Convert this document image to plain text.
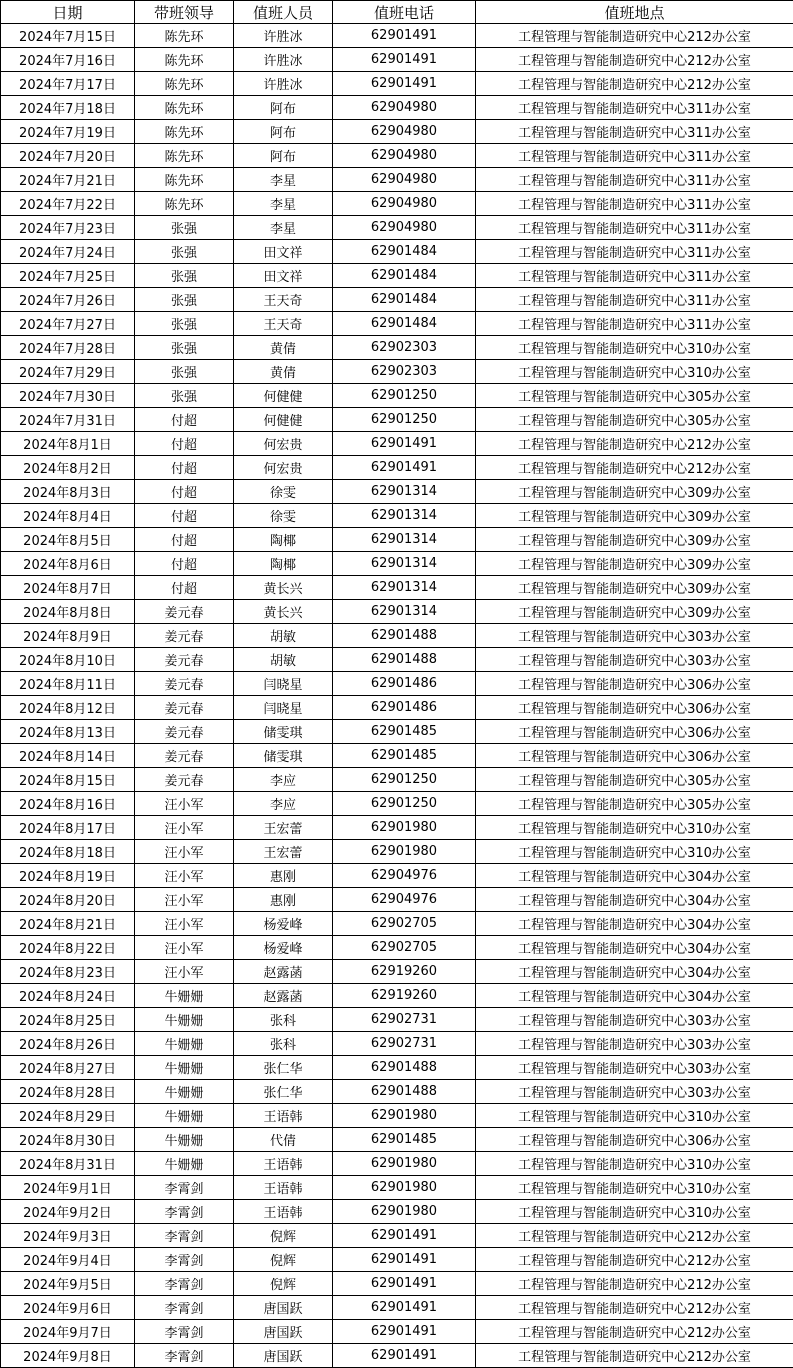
日期	带班领导	值班人员	值班电话	值班地点
2024年7月15日	陈先环	许胜冰	62901491	工程管理与智能制造研究中心212办公室
2024年7月16日	陈先环	许胜冰	62901491	工程管理与智能制造研究中心212办公室
2024年7月17日	陈先环	许胜冰	62901491	工程管理与智能制造研究中心212办公室
2024年7月18日	陈先环	阿布	62904980	工程管理与智能制造研究中心311办公室
2024年7月19日	陈先环	阿布	62904980	工程管理与智能制造研究中心311办公室
2024年7月20日	陈先环	阿布	62904980	工程管理与智能制造研究中心311办公室
2024年7月21日	陈先环	李星	62904980	工程管理与智能制造研究中心311办公室
2024年7月22日	陈先环	李星	62904980	工程管理与智能制造研究中心311办公室
2024年7月23日	张强	李星	62904980	工程管理与智能制造研究中心311办公室
2024年7月24日	张强	田文祥	62901484	工程管理与智能制造研究中心311办公室
2024年7月25日	张强	田文祥	62901484	工程管理与智能制造研究中心311办公室
2024年7月26日	张强	王天奇	62901484	工程管理与智能制造研究中心311办公室
2024年7月27日	张强	王天奇	62901484	工程管理与智能制造研究中心311办公室
2024年7月28日	张强	黄倩	62902303	工程管理与智能制造研究中心310办公室
2024年7月29日	张强	黄倩	62902303	工程管理与智能制造研究中心310办公室
2024年7月30日	张强	何健健	62901250	工程管理与智能制造研究中心305办公室
2024年7月31日	付超	何健健	62901250	工程管理与智能制造研究中心305办公室
2024年8月1日	付超	何宏贵	62901491	工程管理与智能制造研究中心212办公室
2024年8月2日	付超	何宏贵	62901491	工程管理与智能制造研究中心212办公室
2024年8月3日	付超	徐雯	62901314	工程管理与智能制造研究中心309办公室
2024年8月4日	付超	徐雯	62901314	工程管理与智能制造研究中心309办公室
2024年8月5日	付超	陶椰	62901314	工程管理与智能制造研究中心309办公室
2024年8月6日	付超	陶椰	62901314	工程管理与智能制造研究中心309办公室
2024年8月7日	付超	黄长兴	62901314	工程管理与智能制造研究中心309办公室
2024年8月8日	姜元春	黄长兴	62901314	工程管理与智能制造研究中心309办公室
2024年8月9日	姜元春	胡敏	62901488	工程管理与智能制造研究中心303办公室
2024年8月10日	姜元春	胡敏	62901488	工程管理与智能制造研究中心303办公室
2024年8月11日	姜元春	闫晓星	62901486	工程管理与智能制造研究中心306办公室
2024年8月12日	姜元春	闫晓星	62901486	工程管理与智能制造研究中心306办公室
2024年8月13日	姜元春	储雯琪	62901485	工程管理与智能制造研究中心306办公室
2024年8月14日	姜元春	储雯琪	62901485	工程管理与智能制造研究中心306办公室
2024年8月15日	姜元春	李应	62901250	工程管理与智能制造研究中心305办公室
2024年8月16日	汪小军	李应	62901250	工程管理与智能制造研究中心305办公室
2024年8月17日	汪小军	王宏蕾	62901980	工程管理与智能制造研究中心310办公室
2024年8月18日	汪小军	王宏蕾	62901980	工程管理与智能制造研究中心310办公室
2024年8月19日	汪小军	惠刚	62904976	工程管理与智能制造研究中心304办公室
2024年8月20日	汪小军	惠刚	62904976	工程管理与智能制造研究中心304办公室
2024年8月21日	汪小军	杨爱峰	62902705	工程管理与智能制造研究中心304办公室
2024年8月22日	汪小军	杨爱峰	62902705	工程管理与智能制造研究中心304办公室
2024年8月23日	汪小军	赵露菡	62919260	工程管理与智能制造研究中心304办公室
2024年8月24日	牛姗姗	赵露菡	62919260	工程管理与智能制造研究中心304办公室
2024年8月25日	牛姗姗	张科	62902731	工程管理与智能制造研究中心303办公室
2024年8月26日	牛姗姗	张科	62902731	工程管理与智能制造研究中心303办公室
2024年8月27日	牛姗姗	张仁华	62901488	工程管理与智能制造研究中心303办公室
2024年8月28日	牛姗姗	张仁华	62901488	工程管理与智能制造研究中心303办公室
2024年8月29日	牛姗姗	王语韩	62901980	工程管理与智能制造研究中心310办公室
2024年8月30日	牛姗姗	代倩	62901485	工程管理与智能制造研究中心306办公室
2024年8月31日	牛姗姗	王语韩	62901980	工程管理与智能制造研究中心310办公室
2024年9月1日	李霄剑	王语韩	62901980	工程管理与智能制造研究中心310办公室
2024年9月2日	李霄剑	王语韩	62901980	工程管理与智能制造研究中心310办公室
2024年9月3日	李霄剑	倪辉	62901491	工程管理与智能制造研究中心212办公室
2024年9月4日	李霄剑	倪辉	62901491	工程管理与智能制造研究中心212办公室
2024年9月5日	李霄剑	倪辉	62901491	工程管理与智能制造研究中心212办公室
2024年9月6日	李霄剑	唐国跃	62901491	工程管理与智能制造研究中心212办公室
2024年9月7日	李霄剑	唐国跃	62901491	工程管理与智能制造研究中心212办公室
2024年9月8日	李霄剑	唐国跃	62901491	工程管理与智能制造研究中心212办公室
